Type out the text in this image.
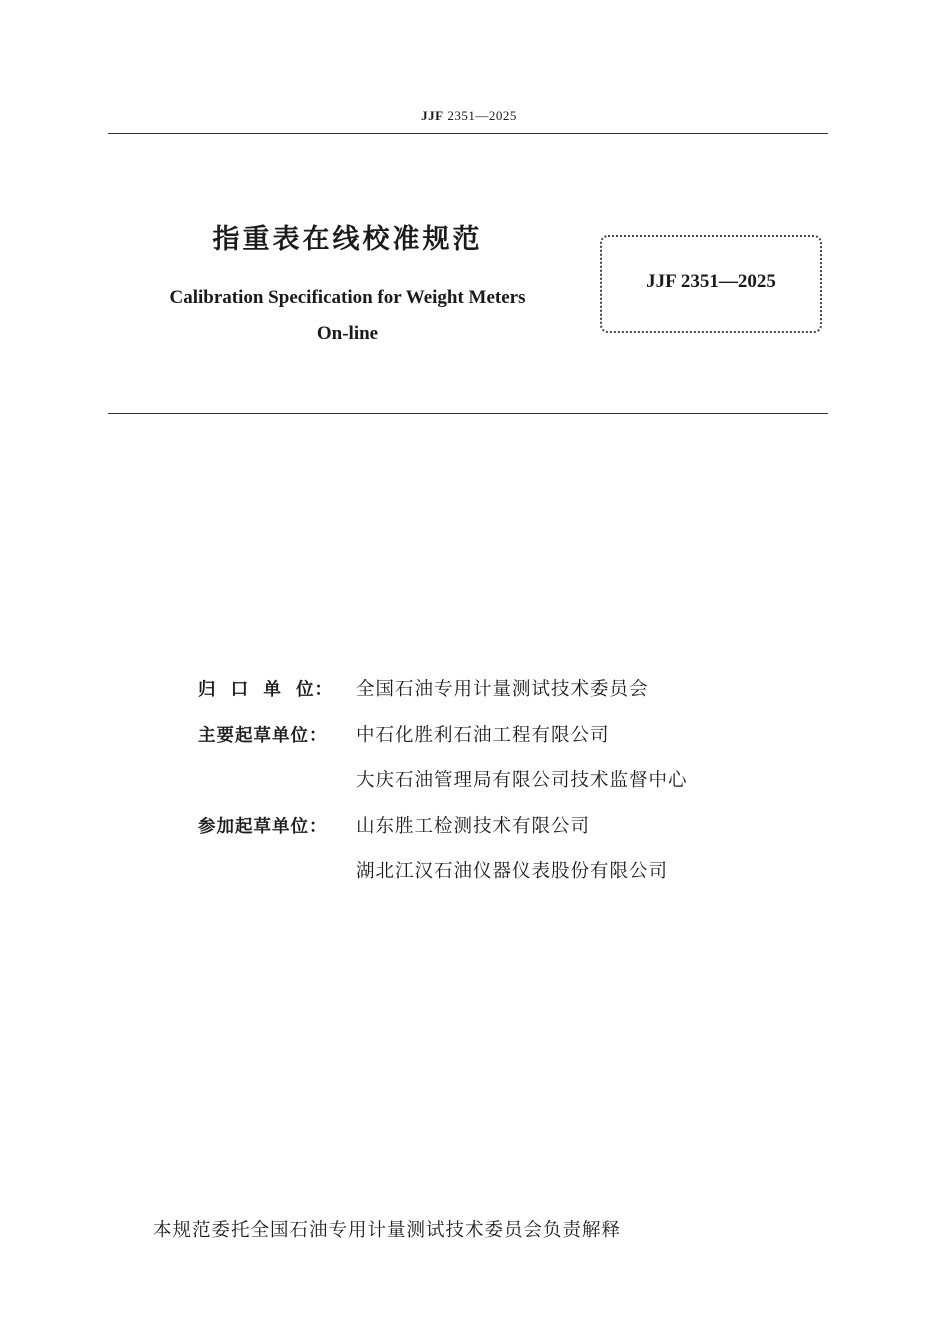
JJF 2351—2025
指重表在线校准规范
Calibration Specification for Weight Meters
On-line
JJF 2351—2025
归  口  单  位：	全国石油专用计量测试技术委员会
主要起草单位：	中石化胜利石油工程有限公司
大庆石油管理局有限公司技术监督中心
参加起草单位：	山东胜工检测技术有限公司
湖北江汉石油仪器仪表股份有限公司
本规范委托全国石油专用计量测试技术委员会负责解释
